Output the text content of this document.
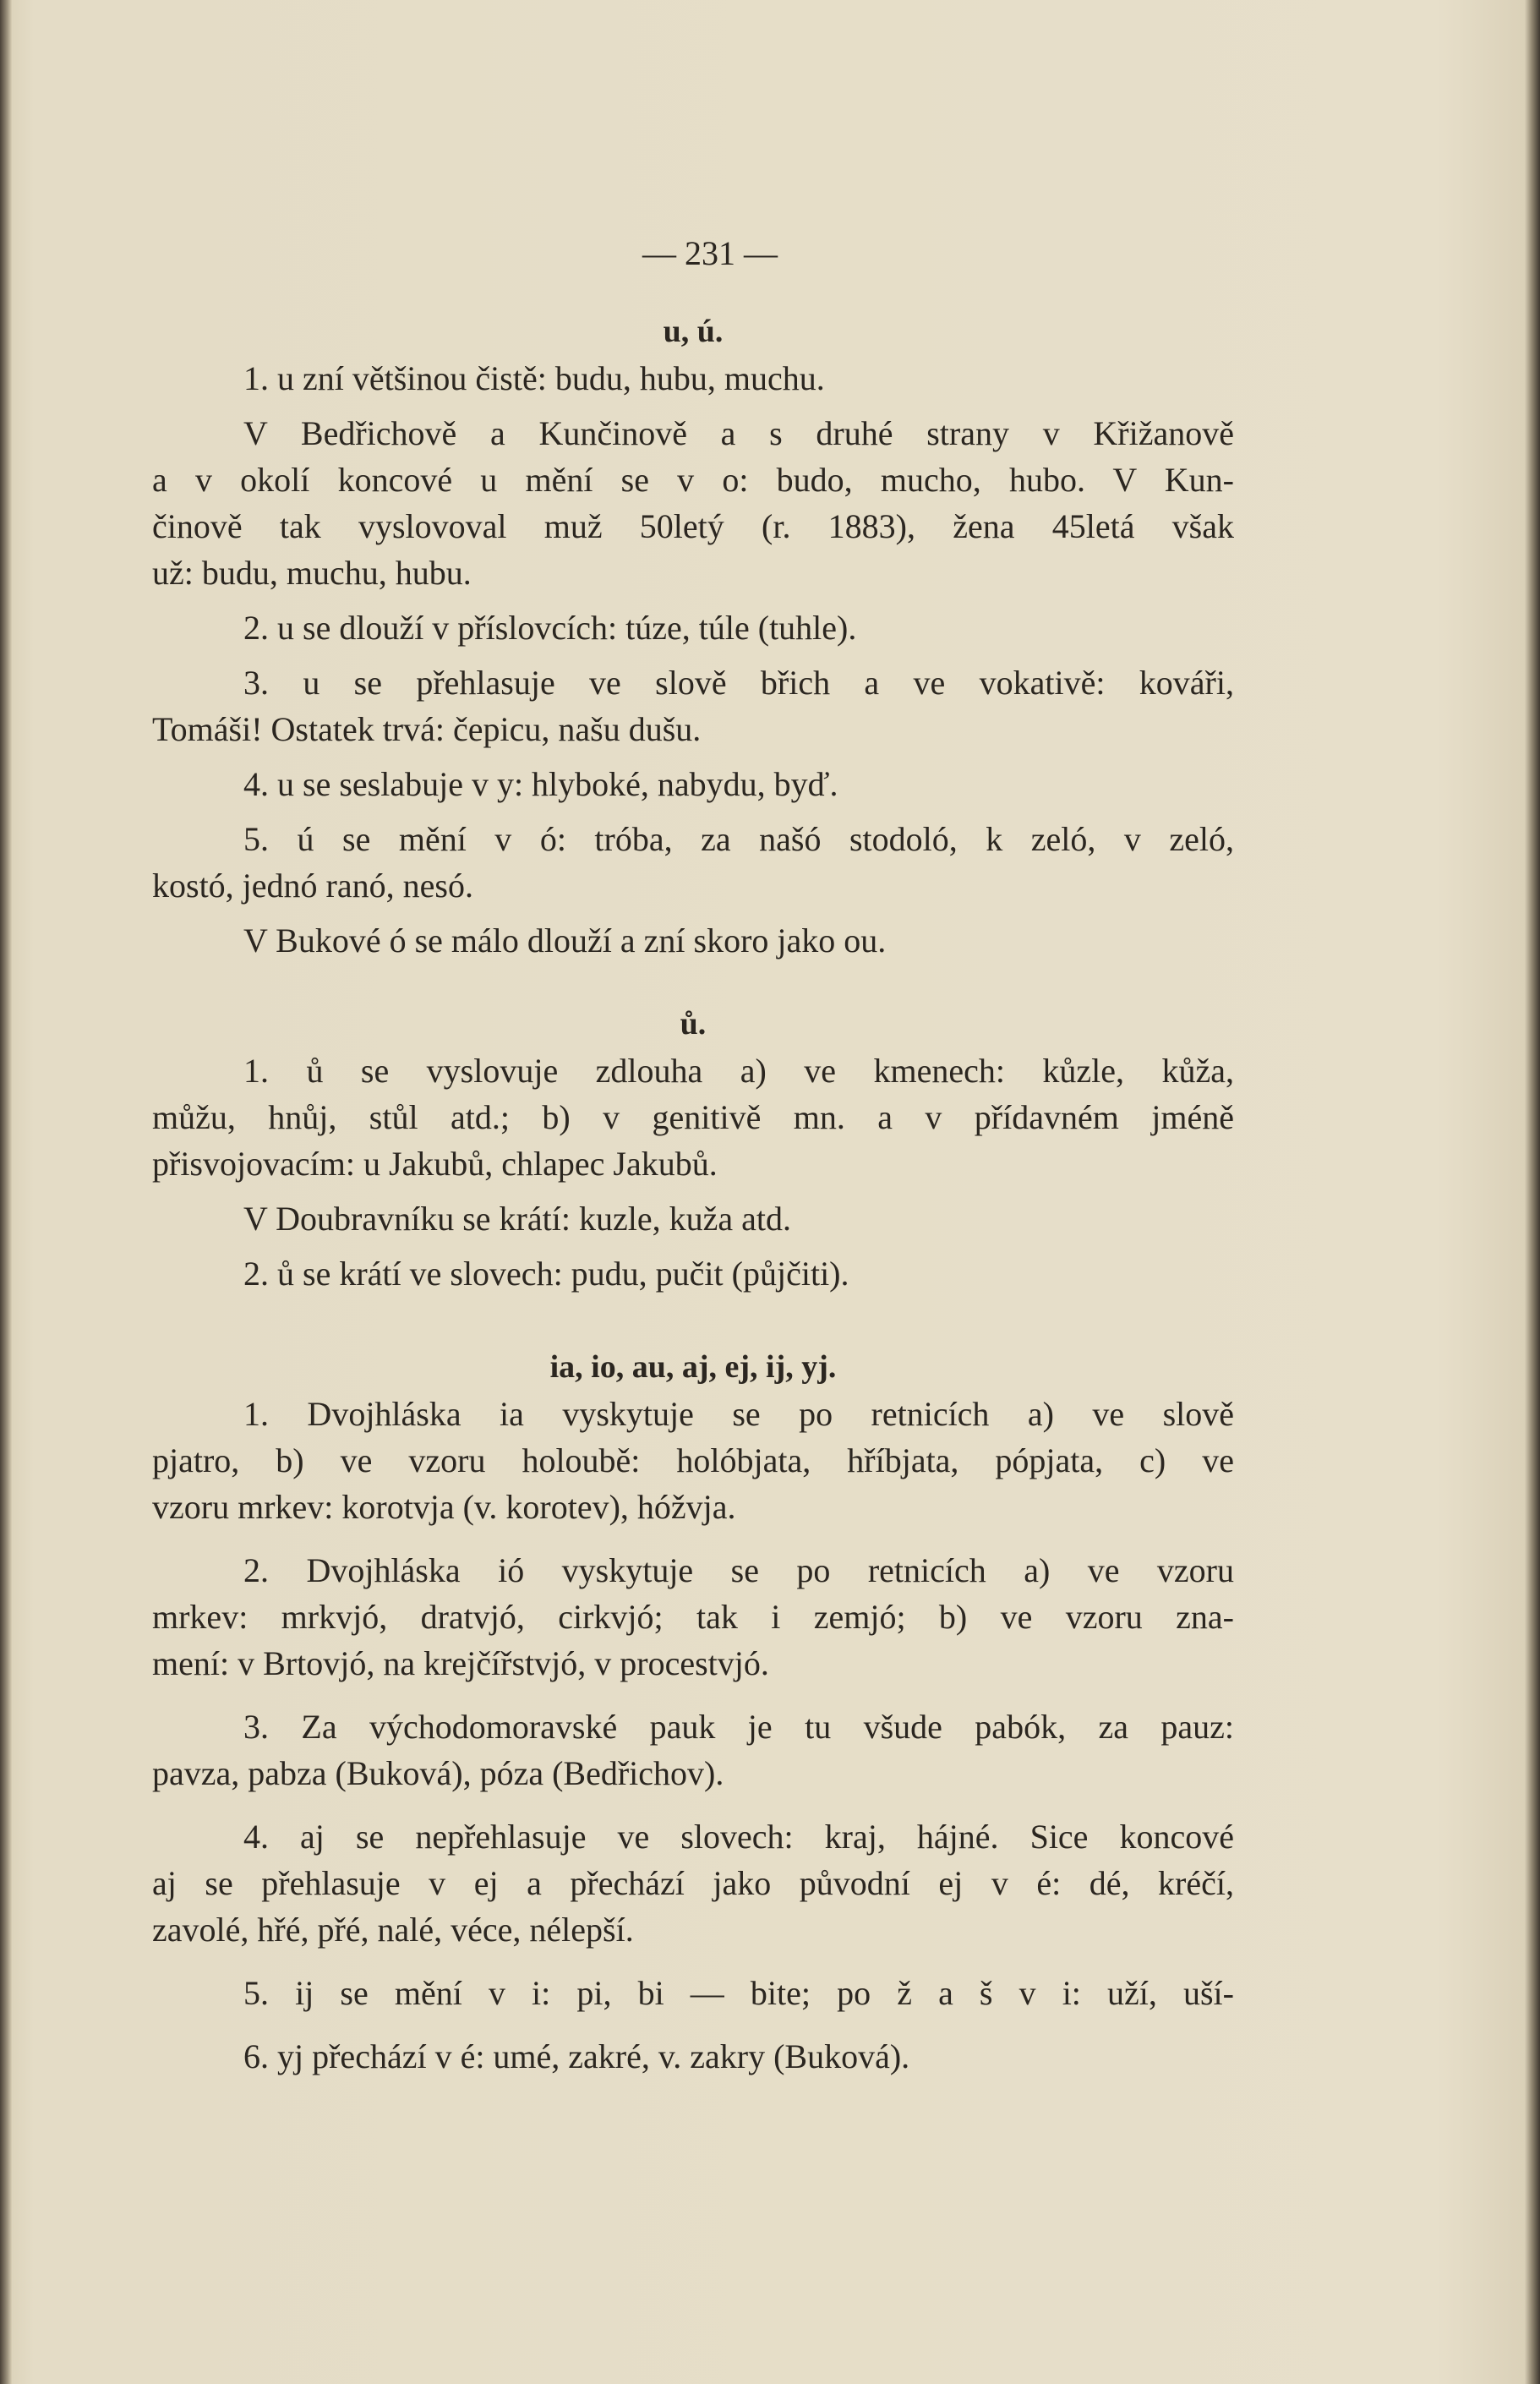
— 231 —
u, ú.

1. u zní většinou čistě: budu, hubu, muchu.

V Bedřichově a Kunčinově a s druhé strany v Křižanově
a v okolí koncové u mění se v o: budo, mucho, hubo. V Kun-
činově tak vyslovoval muž 50letý (r. 1883), žena 45letá však
už: budu, muchu, hubu.

2. u se dlouží v příslovcích: túze, túle (tuhle).

3. u se přehlasuje ve slově břich a ve vokativě: kováři,
Tomáši! Ostatek trvá: čepicu, našu dušu.

4. u se seslabuje v y: hlyboké, nabydu, byď.

5. ú se mění v ó: tróba, za našó stodoló, k zeló, v zeló,
kostó, jednó ranó, nesó.

V Bukové ó se málo dlouží a zní skoro jako ou.

ů.

1. ů se vyslovuje zdlouha a) ve kmenech: kůzle, kůža,
můžu, hnůj, stůl atd.; b) v genitivě mn. a v přídavném jméně
přisvojovacím: u Jakubů, chlapec Jakubů.

V Doubravníku se krátí: kuzle, kuža atd.

2. ů se krátí ve slovech: pudu, pučit (půjčiti).

ia, io, au, aj, ej, ij, yj.

1. Dvojhláska ia vyskytuje se po retnicích a) ve slově
pjatro, b) ve vzoru holoubě: holóbjata, hříbjata, pópjata, c) ve
vzoru mrkev: korotvja (v. korotev), hóžvja.

2. Dvojhláska ió vyskytuje se po retnicích a) ve vzoru
mrkev: mrkvjó, dratvjó, cirkvjó; tak i zemjó; b) ve vzoru zna-
mení: v Brtovjó, na krejčířstvjó, v procestvjó.

3. Za východomoravské pauk je tu všude pabók, za pauz:
pavza, pabza (Buková), póza (Bedřichov).

4. aj se nepřehlasuje ve slovech: kraj, hájné. Sice koncové
aj se přehlasuje v ej a přechází jako původní ej v é: dé, kréčí,
zavolé, hřé, přé, nalé, véce, nélepší.

5. ij se mění v i: pi, bi — bite; po ž a š v i: uží, uší-

6. yj přechází v é: umé, zakré, v. zakry (Buková).
